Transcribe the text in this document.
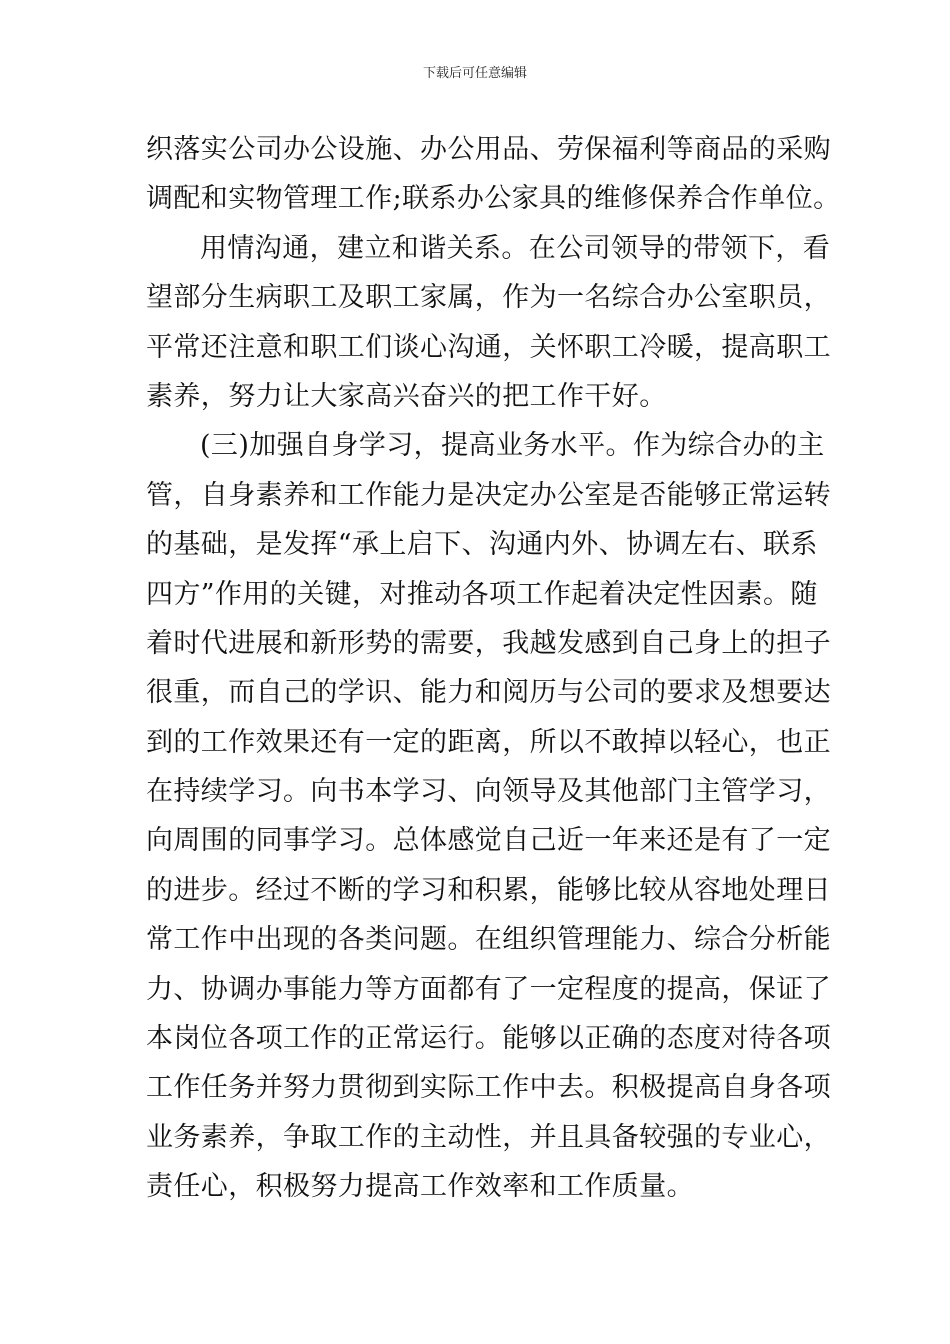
下载后可任意编辑
织落实公司办公设施、办公用品、劳保福利等商品的采购
调配和实物管理工作;联系办公家具的维修保养合作单位。
用情沟通，建立和谐关系。在公司领导的带领下，看
望部分生病职工及职工家属，作为一名综合办公室职员，
平常还注意和职工们谈心沟通，关怀职工冷暖，提高职工
素养，努力让大家高兴奋兴的把工作干好。
(三)加强自身学习，提高业务水平。作为综合办的主
管，自身素养和工作能力是决定办公室是否能够正常运转
的基础，是发挥“承上启下、沟通内外、协调左右、联系
四方”作用的关键，对推动各项工作起着决定性因素。随
着时代进展和新形势的需要，我越发感到自己身上的担子
很重，而自己的学识、能力和阅历与公司的要求及想要达
到的工作效果还有一定的距离，所以不敢掉以轻心，也正
在持续学习。向书本学习、向领导及其他部门主管学习，
向周围的同事学习。总体感觉自己近一年来还是有了一定
的进步。经过不断的学习和积累，能够比较从容地处理日
常工作中出现的各类问题。在组织管理能力、综合分析能
力、协调办事能力等方面都有了一定程度的提高，保证了
本岗位各项工作的正常运行。能够以正确的态度对待各项
工作任务并努力贯彻到实际工作中去。积极提高自身各项
业务素养，争取工作的主动性，并且具备较强的专业心，
责任心，积极努力提高工作效率和工作质量。
